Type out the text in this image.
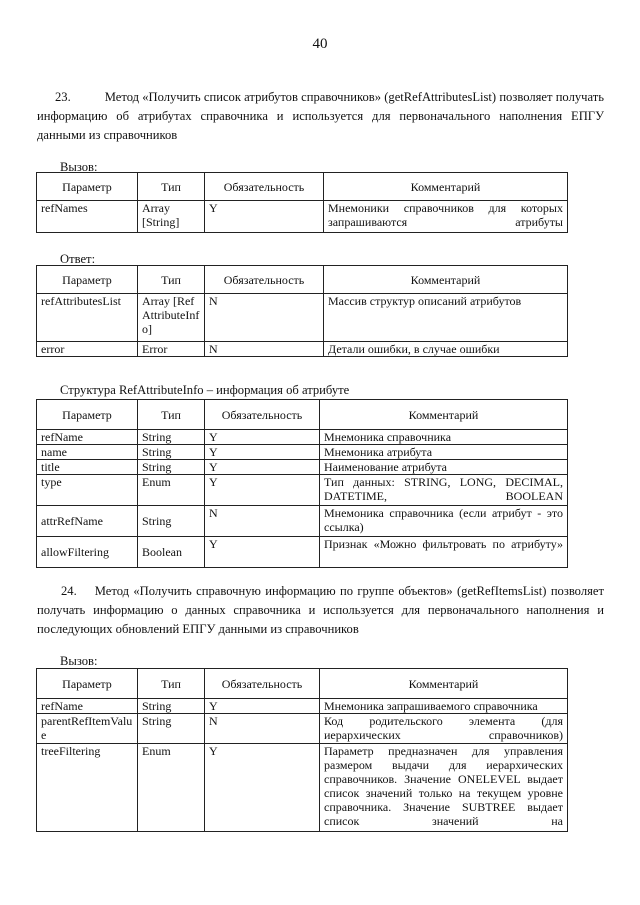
40
23.	Метод «Получить список атрибутов справочников» (getRefAttributesList) позволяет получать информацию об атрибутах справочника и используется для первоначального наполнения ЕПГУ данными из справочников
Вызов:
Параметр	Тип	Обязательность	Комментарий
refNames	Array [String]	Y	Мнемоники справочников для которых запрашиваются атрибуты
Ответ:
Параметр	Тип	Обязательность	Комментарий
refAttributesList	Array [RefAttributeInfo]	N	Массив структур описаний атрибутов
error	Error	N	Детали ошибки, в случае ошибки
Структура RefAttributeInfo – информация об атрибуте
Параметр	Тип	Обязательность	Комментарий
refName	String	Y	Мнемоника справочника
name	String	Y	Мнемоника атрибута
title	String	Y	Наименование атрибута
type	Enum	Y	Тип данных: STRING, LONG, DECIMAL, DATETIME, BOOLEAN
attrRefName	String	N	Мнемоника справочника (если атрибут - это ссылка)
allowFiltering	Boolean	Y	Признак «Можно фильтровать по атрибуту»
24. Метод «Получить справочную информацию по группе объектов» (getRefItemsList) позволяет получать информацию о данных справочника и используется для первоначального наполнения и последующих обновлений ЕПГУ данными из справочников
Вызов:
Параметр	Тип	Обязательность	Комментарий
refName	String	Y	Мнемоника запрашиваемого справочника
parentRefItemValue	String	N	Код родительского элемента (для иерархических справочников)
treeFiltering	Enum	Y	Параметр предназначен для управления размером выдачи для иерархических справочников. Значение ONELEVEL выдает список значений только на текущем уровне справочника. Значение SUBTREE выдает список значений на
